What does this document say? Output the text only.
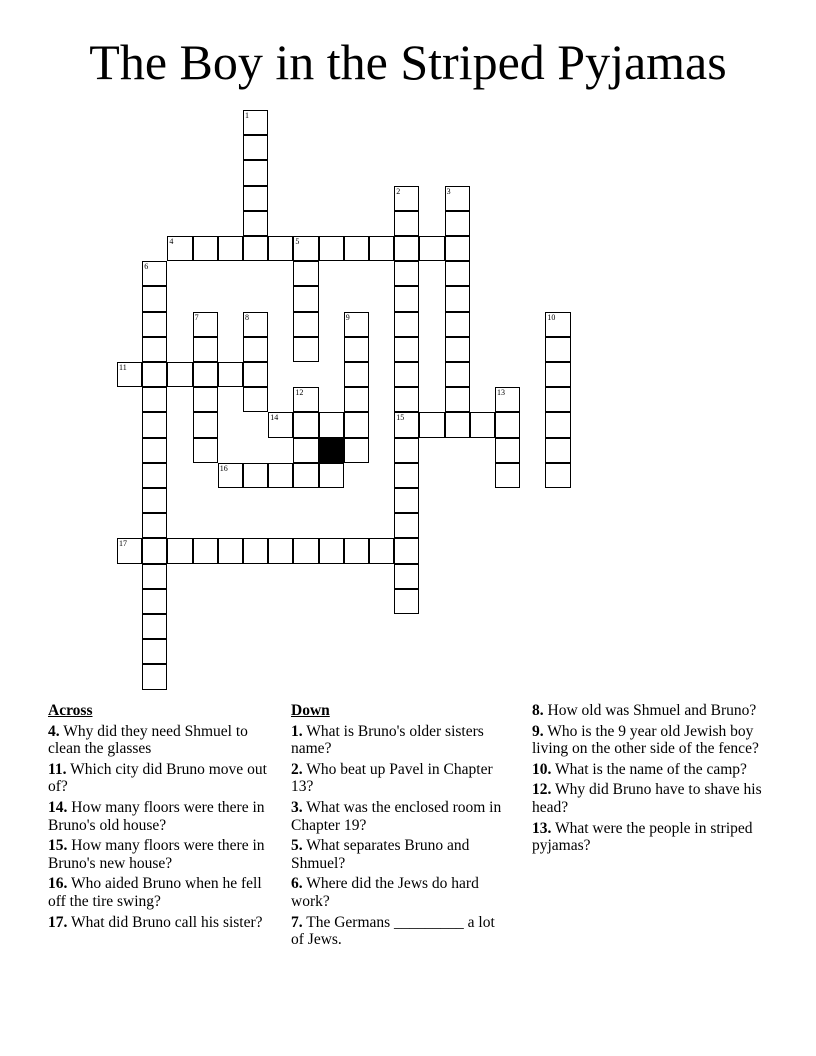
The Boy in the Striped Pyjamas
1
2
15
3
4	5
6
7	8	9	10
11
12	13
14
16
17
Across
4. Why did they need Shmuel to clean the glasses
11. Which city did Bruno move out of?
14. How many floors were there in Bruno's old house?
15. How many floors were there in Bruno's new house?
16. Who aided Bruno when he fell off the tire swing?
17. What did Bruno call his sister?
Down
1. What is Bruno's older sisters name?
2. Who beat up Pavel in Chapter 13?
3. What was the enclosed room in Chapter 19?
5. What separates Bruno and Shmuel?
6. Where did the Jews do hard work?
7. The Germans _________ a lot of Jews.
8. How old was Shmuel and Bruno?
9. Who is the 9 year old Jewish boy living on the other side of the fence?
10. What is the name of the camp?
12. Why did Bruno have to shave his head?
13. What were the people in striped pyjamas?
